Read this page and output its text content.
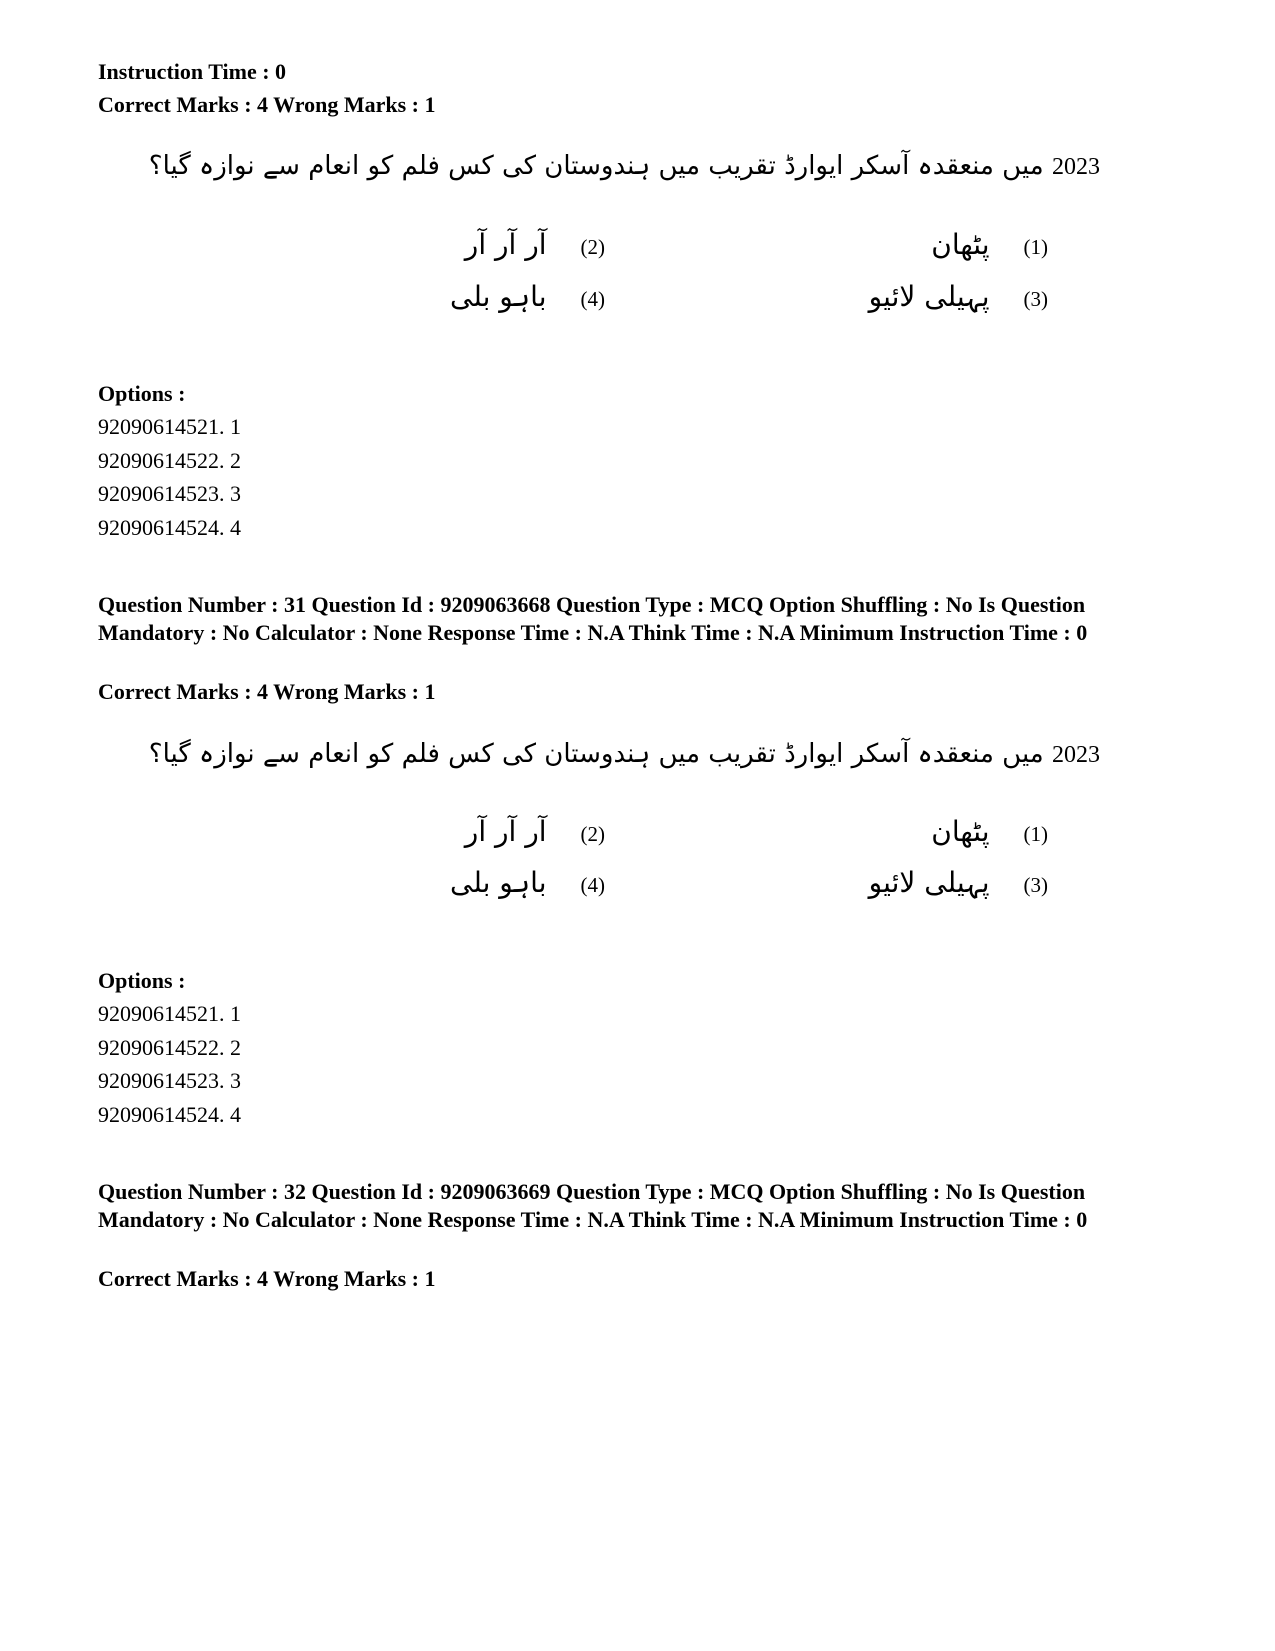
Instruction Time : 0
Correct Marks : 4 Wrong Marks : 1
2023 میں منعقدہ آسکر ایوارڈ تقریب میں ہندوستان کی کس فلم کو انعام سے نوازہ گیا؟
(1)
پٹھان
(2)
آر آر آر
(3)
پہیلی لائیو
(4)
باہو بلی
Options :
92090614521. 1
92090614522. 2
92090614523. 3
92090614524. 4
Question Number : 31 Question Id : 9209063668 Question Type : MCQ Option Shuffling : No Is Question Mandatory : No Calculator : None Response Time : N.A Think Time : N.A Minimum Instruction Time : 0
Correct Marks : 4 Wrong Marks : 1
2023 میں منعقدہ آسکر ایوارڈ تقریب میں ہندوستان کی کس فلم کو انعام سے نوازہ گیا؟
(1)
پٹھان
(2)
آر آر آر
(3)
پہیلی لائیو
(4)
باہو بلی
Options :
92090614521. 1
92090614522. 2
92090614523. 3
92090614524. 4
Question Number : 32 Question Id : 9209063669 Question Type : MCQ Option Shuffling : No Is Question Mandatory : No Calculator : None Response Time : N.A Think Time : N.A Minimum Instruction Time : 0
Correct Marks : 4 Wrong Marks : 1
